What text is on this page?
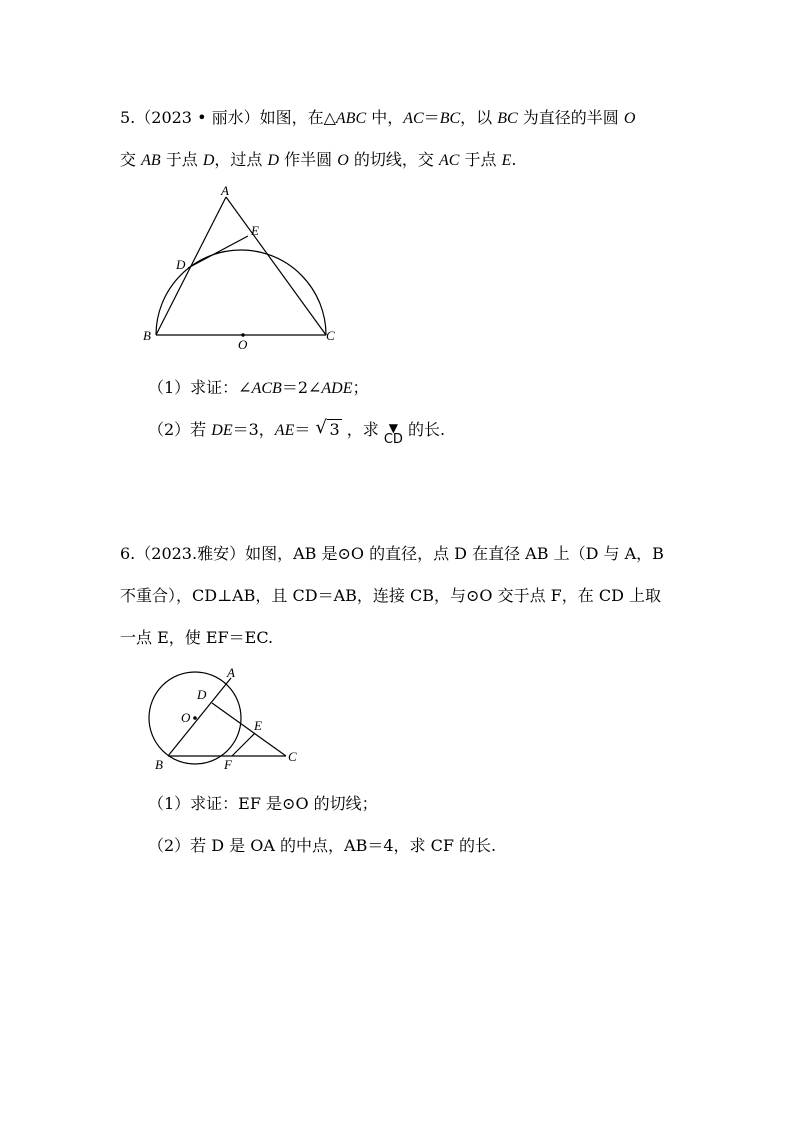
5.（2023 • 丽水）如图，在△ABC 中，AC＝BC，以 BC 为直径的半圆 O
交 AB 于点 D，过点 D 作半圆 O 的切线，交 AC 于点 E.
A
E
D
B
O
C
（1）求证：∠ACB＝2∠ADE；
（2）若 DE＝3，AE＝ √ 3 ，求 ▼
CD 的长.
6.（2023.雅安）如图，AB 是⊙O 的直径，点 D 在直径 AB 上（D 与 A，B
不重合），CD⊥AB，且 CD＝AB，连接 CB，与⊙O 交于点 F，在 CD 上取
一点 E，使 EF＝EC.
A
D
O
E
B	F
C
（1）求证：EF 是⊙O 的切线；
（2）若 D 是 OA 的中点，AB＝4，求 CF 的长.
